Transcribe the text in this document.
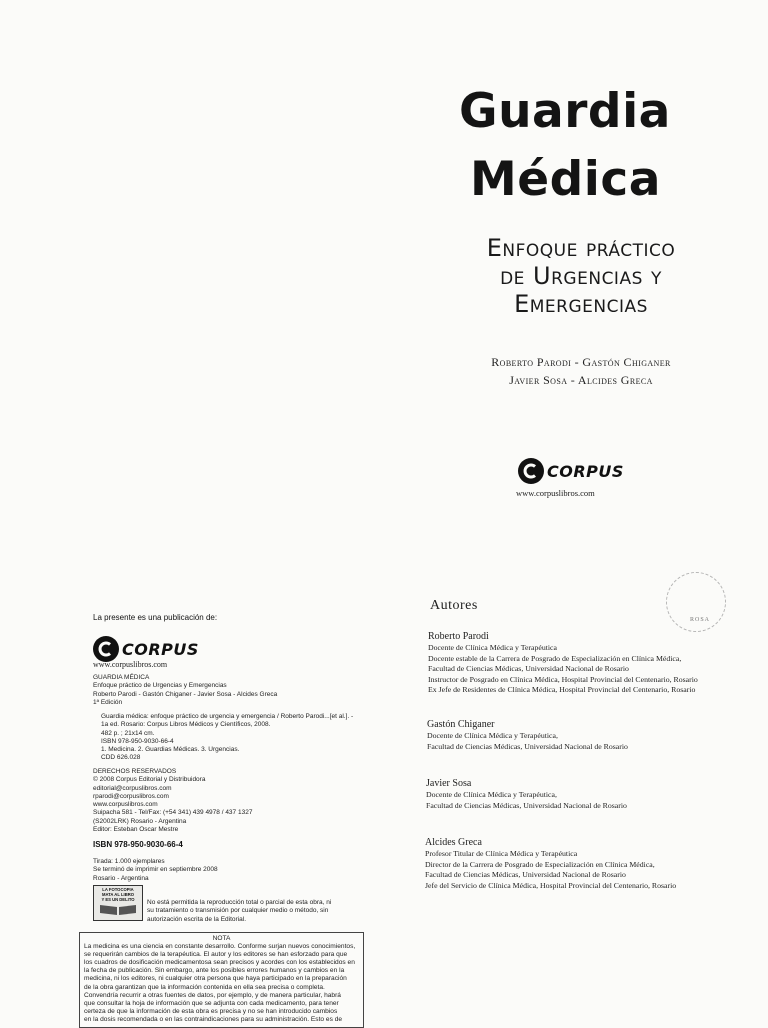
Guardia
Médica
Enfoque práctico
de Urgencias y
Emergencias
Roberto Parodi - Gastón Chiganer
Javier Sosa - Alcides Greca
CORPUS
www.corpuslibros.com
ROSA
La presente es una publicación de:
CORPUS
www.corpuslibros.com
GUARDIA MÉDICA
Enfoque práctico de Urgencias y Emergencias
Roberto Parodi - Gastón Chiganer - Javier Sosa - Alcides Greca
1ª Edición
Guardia médica: enfoque práctico de urgencia y emergencia / Roberto Parodi...[et al.]. -
1a ed. Rosario: Corpus Libros Médicos y Científicos, 2008.
482 p. ; 21x14 cm.
ISBN 978-950-9030-66-4
1. Medicina. 2. Guardias Médicas. 3. Urgencias.
CDD 626.028
DERECHOS RESERVADOS
© 2008 Corpus Editorial y Distribuidora
editorial@corpuslibros.com
rparodi@corpuslibros.com
www.corpuslibros.com
Suipacha 581 - Tel/Fax: (+54 341) 439 4978 / 437 1327
(S2002LRK) Rosario - Argentina
Editor: Esteban Oscar Mestre
ISBN 978-950-9030-66-4
Tirada: 1.000 ejemplares
Se terminó de imprimir en septiembre 2008
Rosario - Argentina
LA FOTOCOPIA
MATA AL LIBRO
Y ES UN DELITO	No está permitida la reproducción total o parcial de esta obra, ni
su tratamiento o transmisión por cualquier medio o método, sin
autorización escrita de la Editorial.
NOTA
La medicina es una ciencia en constante desarrollo. Conforme surjan nuevos conocimientos,
se requerirán cambios de la terapéutica. El autor y los editores se han esforzado para que
los cuadros de dosificación medicamentosa sean precisos y acordes con los establecidos en
la fecha de publicación. Sin embargo, ante los posibles errores humanos y cambios en la
medicina, ni los editores, ni cualquier otra persona que haya participado en la preparación
de la obra garantizan que la información contenida en ella sea precisa o completa.
Convendría recurrir a otras fuentes de datos, por ejemplo, y de manera particular, habrá
que consultar la hoja de información que se adjunta con cada medicamento, para tener
certeza de que la información de esta obra es precisa y no se han introducido cambios
en la dosis recomendada o en las contraindicaciones para su administración. Esto es de
Autores
Roberto Parodi
Docente de Clínica Médica y Terapéutica
Docente estable de la Carrera de Posgrado de Especialización en Clínica Médica,
Facultad de Ciencias Médicas, Universidad Nacional de Rosario
Instructor de Posgrado en Clínica Médica, Hospital Provincial del Centenario, Rosario
Ex Jefe de Residentes de Clínica Médica, Hospital Provincial del Centenario, Rosario
Gastón Chiganer
Docente de Clínica Médica y Terapéutica,
Facultad de Ciencias Médicas, Universidad Nacional de Rosario
Javier Sosa
Docente de Clínica Médica y Terapéutica,
Facultad de Ciencias Médicas, Universidad Nacional de Rosario
Alcides Greca
Profesor Titular de Clínica Médica y Terapéutica
Director de la Carrera de Posgrado de Especialización en Clínica Médica,
Facultad de Ciencias Médicas, Universidad Nacional de Rosario
Jefe del Servicio de Clínica Médica, Hospital Provincial del Centenario, Rosario
